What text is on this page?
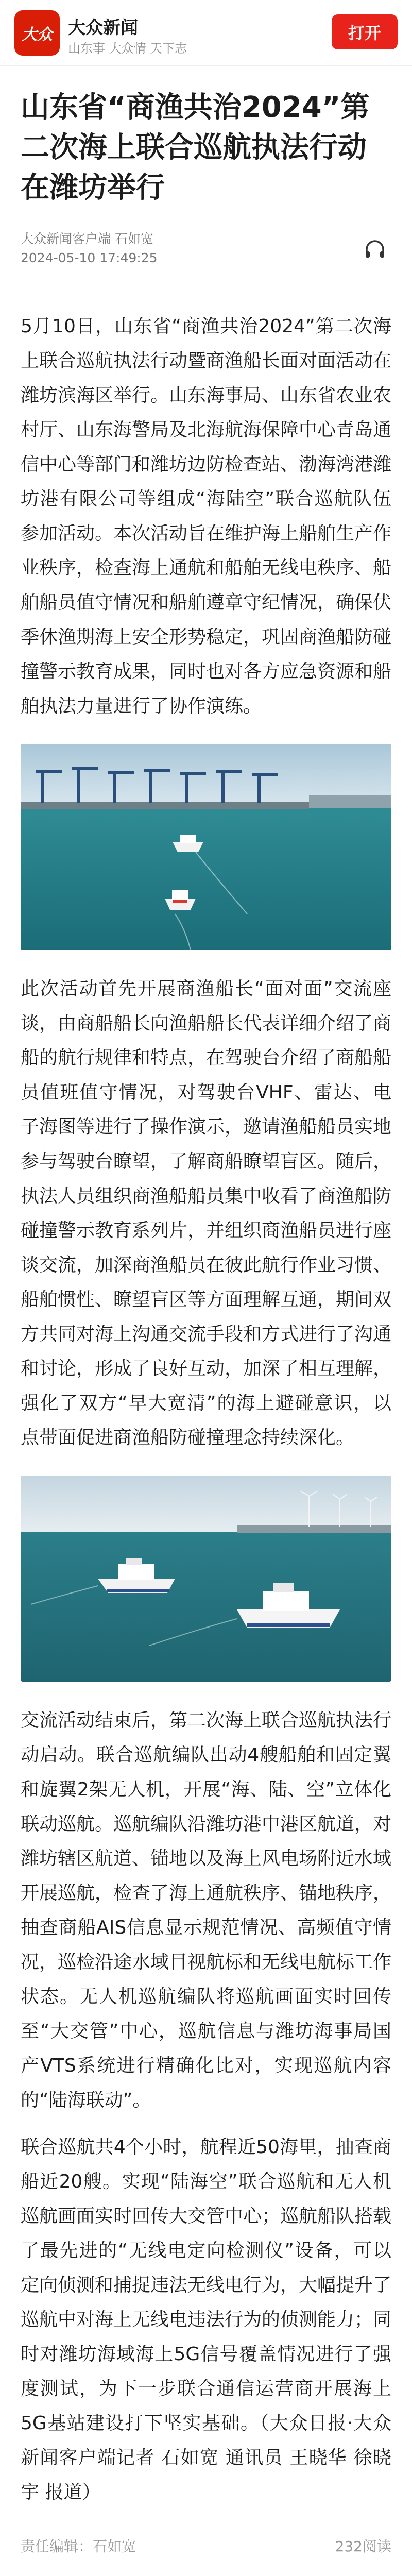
大众 大众新闻
山东事 大众情 天下志
打开
山东省“商渔共治2024”第二次海上联合巡航执法行动在潍坊举行
大众新闻客户端 石如宽
2024-05-10 17:49:25

5月10日，山东省“商渔共治2024”第二次海上联合巡航执法行动暨商渔船长面对面活动在潍坊滨海区举行。山东海事局、山东省农业农村厅、山东海警局及北海航海保障中心青岛通信中心等部门和潍坊边防检查站、渤海湾港潍坊港有限公司等组成“海陆空”联合巡航队伍参加活动。本次活动旨在维护海上船舶生产作业秩序，检查海上通航和船舶无线电秩序、船舶船员值守情况和船舶遵章守纪情况，确保伏季休渔期海上安全形势稳定，巩固商渔船防碰撞警示教育成果，同时也对各方应急资源和船舶执法力量进行了协作演练。

此次活动首先开展商渔船长“面对面”交流座谈，由商船船长向渔船船长代表详细介绍了商船的航行规律和特点，在驾驶台介绍了商船船员值班值守情况，对驾驶台VHF、雷达、电子海图等进行了操作演示，邀请渔船船员实地参与驾驶台瞭望，了解商船瞭望盲区。随后，执法人员组织商渔船船员集中收看了商渔船防碰撞警示教育系列片，并组织商渔船员进行座谈交流，加深商渔船员在彼此航行作业习惯、船舶惯性、瞭望盲区等方面理解互通，期间双方共同对海上沟通交流手段和方式进行了沟通和讨论，形成了良好互动，加深了相互理解，强化了双方“早大宽清”的海上避碰意识，以点带面促进商渔船防碰撞理念持续深化。

交流活动结束后，第二次海上联合巡航执法行动启动。联合巡航编队出动4艘船舶和固定翼和旋翼2架无人机，开展“海、陆、空”立体化联动巡航。巡航编队沿潍坊港中港区航道，对潍坊辖区航道、锚地以及海上风电场附近水域开展巡航，检查了海上通航秩序、锚地秩序，抽查商船AIS信息显示规范情况、高频值守情况，巡检沿途水域目视航标和无线电航标工作状态。无人机巡航编队将巡航画面实时回传至“大交管”中心，巡航信息与潍坊海事局国产VTS系统进行精确化比对，实现巡航内容的“陆海联动”。

联合巡航共4个小时，航程近50海里，抽查商船近20艘。实现“陆海空”联合巡航和无人机巡航画面实时回传大交管中心；巡航船队搭载了最先进的“无线电定向检测仪”设备，可以定向侦测和捕捉违法无线电行为，大幅提升了巡航中对海上无线电违法行为的侦测能力；同时对潍坊海域海上5G信号覆盖情况进行了强度测试，为下一步联合通信运营商开展海上5G基站建设打下坚实基础。（大众日报·大众新闻客户端记者 石如宽 通讯员 王晓华 徐晓宇 报道）

责任编辑：石如宽	232阅读
